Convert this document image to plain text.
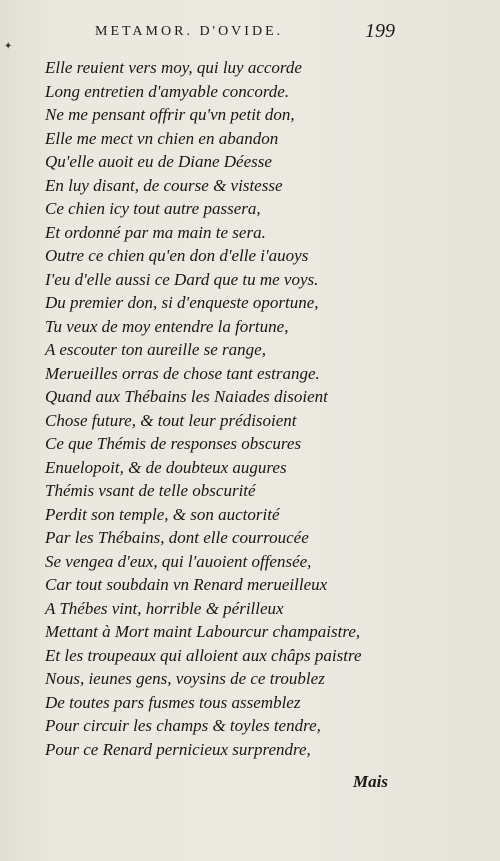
METAMOR. D'OVIDE.	199
✦
Elle reuient vers moy, qui luy accorde
Long entretien d'amyable concorde.
Ne me pensant offrir qu'vn petit don,
Elle me mect vn chien en abandon
Qu'elle auoit eu de Diane Déesse
En luy disant, de course & vistesse
Ce chien icy tout autre passera,
Et ordonné par ma main te sera.
Outre ce chien qu'en don d'elle i'auoys
I'eu d'elle aussi ce Dard que tu me voys.
Du premier don, si d'enqueste oportune,
Tu veux de moy entendre la fortune,
A escouter ton aureille se range,
Merueilles orras de chose tant estrange.
Quand aux Thébains les Naiades disoient
Chose future, & tout leur prédisoient
Ce que Thémis de responses obscures
Enuelopoit, & de doubteux augures
Thémis vsant de telle obscurité
Perdit son temple, & son auctorité
Par les Thébains, dont elle courroucée
Se vengea d'eux, qui l'auoient offensée,
Car tout soubdain vn Renard merueilleux
A Thébes vint, horrible & périlleux
Mettant à Mort maint Labourcur champaistre,
Et les troupeaux qui alloient aux châps paistre
Nous, ieunes gens, voysins de ce troublez
De toutes pars fusmes tous assemblez
Pour circuir les champs & toyles tendre,
Pour ce Renard pernicieux surprendre,
Mais
